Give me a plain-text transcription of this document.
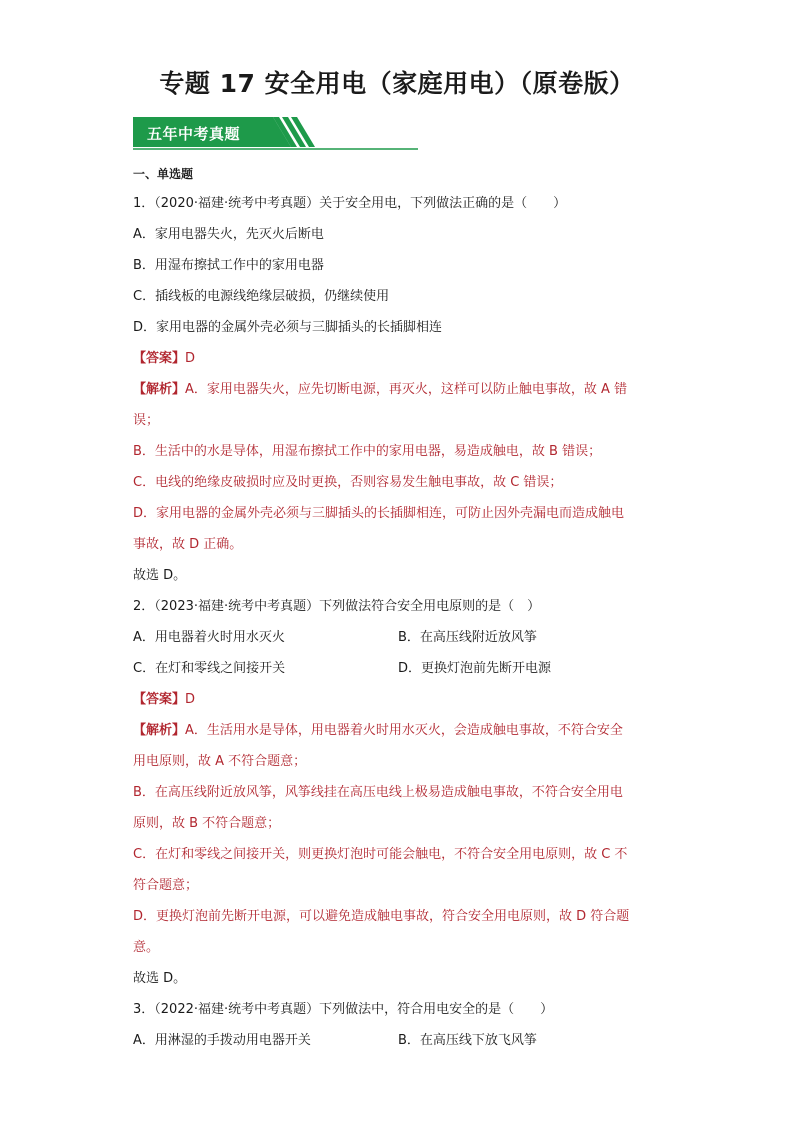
专题 17 安全用电（家庭用电）（原卷版）
五年中考真题
一、单选题
1．（2020·福建·统考中考真题）关于安全用电，下列做法正确的是（　　）
A．家用电器失火，先灭火后断电
B．用湿布擦拭工作中的家用电器
C．插线板的电源线绝缘层破损，仍继续使用
D．家用电器的金属外壳必须与三脚插头的长插脚相连
【答案】D
【解析】A．家用电器失火，应先切断电源，再灭火，这样可以防止触电事故，故 A 错
误；
B．生活中的水是导体，用湿布擦拭工作中的家用电器，易造成触电，故 B 错误；
C．电线的绝缘皮破损时应及时更换，否则容易发生触电事故，故 C 错误；
D．家用电器的金属外壳必须与三脚插头的长插脚相连，可防止因外壳漏电而造成触电
事故，故 D 正确。
故选 D。
2．（2023·福建·统考中考真题）下列做法符合安全用电原则的是（　）
A．用电器着火时用水灭火	B．在高压线附近放风筝
C．在灯和零线之间接开关	D．更换灯泡前先断开电源
【答案】D
【解析】A．生活用水是导体，用电器着火时用水灭火，会造成触电事故，不符合安全
用电原则，故 A 不符合题意；
B．在高压线附近放风筝，风筝线挂在高压电线上极易造成触电事故，不符合安全用电
原则，故 B 不符合题意；
C．在灯和零线之间接开关，则更换灯泡时可能会触电，不符合安全用电原则，故 C 不
符合题意；
D．更换灯泡前先断开电源，可以避免造成触电事故，符合安全用电原则，故 D 符合题
意。
故选 D。
3．（2022·福建·统考中考真题）下列做法中，符合用电安全的是（　　）
A．用淋湿的手拨动用电器开关	B．在高压线下放飞风筝
